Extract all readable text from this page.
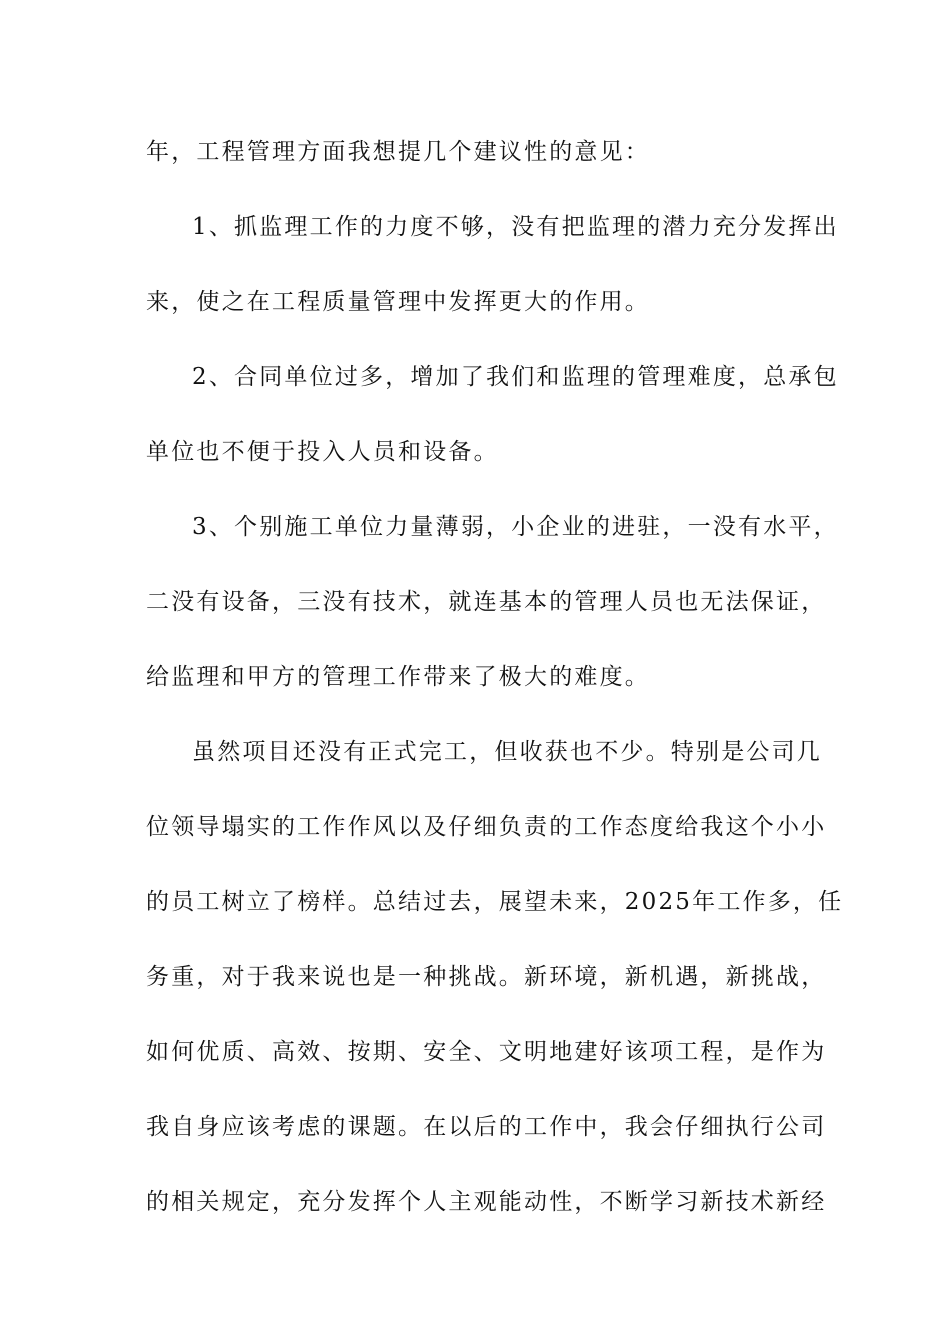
年，工程管理方面我想提几个建议性的意见：
1、抓监理工作的力度不够，没有把监理的潜力充分发挥出
来，使之在工程质量管理中发挥更大的作用。
2、合同单位过多，增加了我们和监理的管理难度，总承包
单位也不便于投入人员和设备。
3、个别施工单位力量薄弱，小企业的进驻，一没有水平，
二没有设备，三没有技术，就连基本的管理人员也无法保证，
给监理和甲方的管理工作带来了极大的难度。
虽然项目还没有正式完工，但收获也不少。特别是公司几
位领导塌实的工作作风以及仔细负责的工作态度给我这个小小
的员工树立了榜样。总结过去，展望未来，2025年工作多，任
务重，对于我来说也是一种挑战。新环境，新机遇，新挑战，
如何优质、高效、按期、安全、文明地建好该项工程，是作为
我自身应该考虑的课题。在以后的工作中，我会仔细执行公司
的相关规定，充分发挥个人主观能动性，不断学习新技术新经
